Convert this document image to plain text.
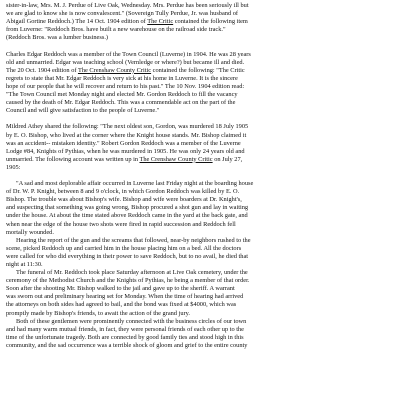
sister-in-law, Mrs. M. J. Perdue of Live Oak, Wednesday. Mrs. Perdue has been seriously ill but
we are glad to know she is now convalescent." (Sovereign Tully Perdue, Jr. was husband of
Abigail Gortine Reddoch.) The 14 Oct. 1904 edition of The Critic contained the following item
from Luverne: "Reddoch Bros. have built a new warehouse on the railroad side track."
(Reddoch Bros. was a lumber business.)
Charles Edgar Reddoch was a member of the Town Council (Luverne) in 1904. He was 28 years
old and unmarried. Edgar was teaching school (Vernledge or where?) but became ill and died.
The 20 Oct. 1904 edition of The Crenshaw County Critic contained the following: "The Critic
regrets to state that Mr. Edgar Reddoch is very sick at his home in Luverne. It is the sincere
hope of our people that he will recover and return to his past." The 10 Nov. 1904 edition read:
"The Town Council met Monday night and elected Mr. Gordon Reddoch to fill the vacancy
caused by the death of Mr. Edgar Reddoch. This was a commendable act on the part of the
Council and will give satisfaction to the people of Luverne."
Mildred Athey shared the following: "The next oldest son, Gordon, was murdered 18 July 1905
by E. O. Bishop, who lived at the corner where the Knight house stands. Mr. Bishop claimed it
was an accident-- mistaken identity." Robert Gordon Reddoch was a member of the Luverne
Lodge #84, Knights of Pythias, when he was murdered in 1905. He was only 24 years old and
unmarried. The following account was written up in The Crenshaw County Critic on July 27,
1905:
"A sad and most deplorable affair occurred in Luverne last Friday night at the boarding house
of Dr. W. P. Knight, between 8 and 9 o'clock, in which Gordon Reddoch was killed by E. O.
Bishop. The trouble was about Bishop's wife. Bishop and wife were boarders at Dr. Knight's,
and suspecting that something was going wrong, Bishop procured a shot gun and lay in waiting
under the house. At about the time stated above Reddoch came in the yard at the back gate, and
when near the edge of the house two shots were fired in rapid succession and Reddoch fell
mortally wounded.
Hearing the report of the gun and the screams that followed, near-by neighbors rushed to the
scene, picked Reddoch up and carried him in the house placing him on a bed. All the doctors
were called for who did everything in their power to save Reddoch, but to no avail, he died that
night at 11:30.
The funeral of Mr. Reddoch took place Saturday afternoon at Live Oak cemetery, under the
ceremony of the Methodist Church and the Knights of Pythias, he being a member of that order.
Soon after the shooting Mr. Bishop walked to the jail and gave up to the sheriff. A warrant
was sworn out and preliminary hearing set for Monday. When the time of hearing had arrived
the attorneys on both sides had agreed to bail, and the bond was fixed at $4000, which was
promptly made by Bishop's friends, to await the action of the grand jury.
Both of these gentlemen were prominently connected with the business circles of our town
and had many warm mutual friends, in fact, they were personal friends of each other up to the
time of the unfortunate tragedy. Both are connected by good family ties and stood high in this
community, and the sad occurrence was a terrible shock of gloom and grief to the entire county
